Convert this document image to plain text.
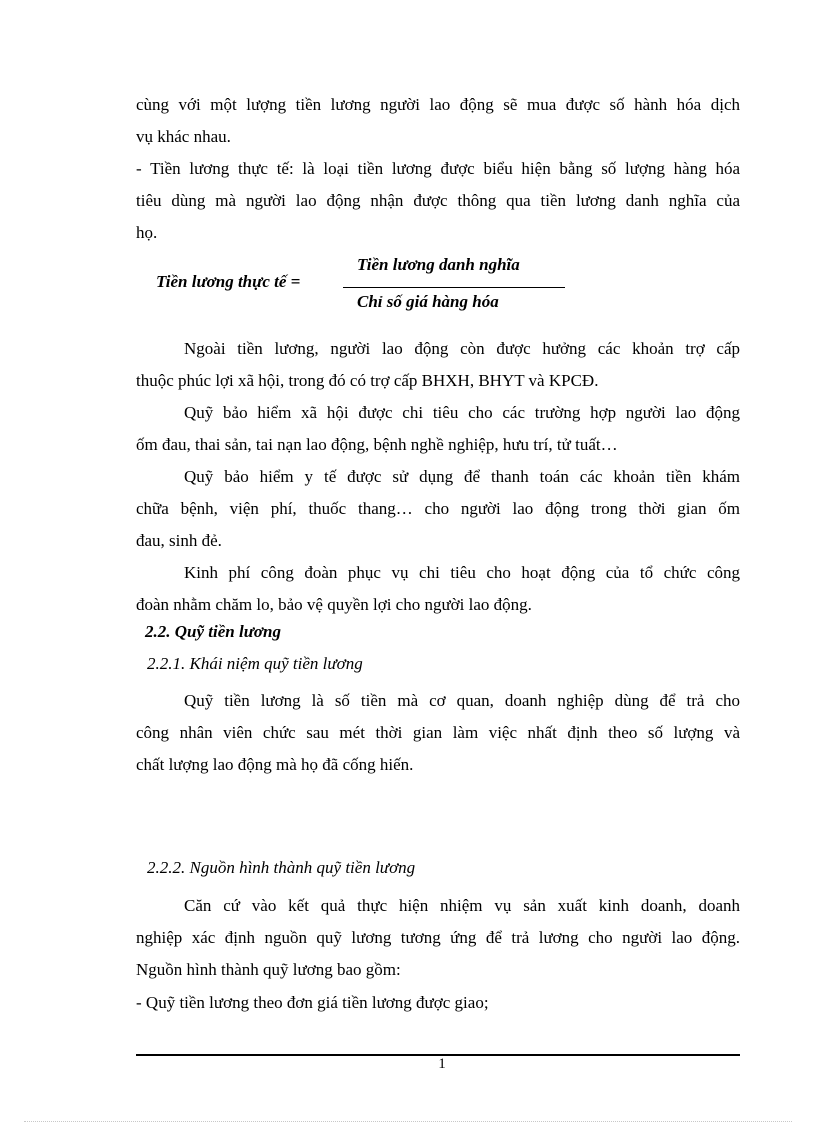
cùng với một lượng tiền lương người lao động sẽ mua được số hành hóa dịch
vụ khác nhau.
- Tiền lương thực tế: là loại tiền lương được biểu hiện bằng số lượng hàng hóa
tiêu dùng mà người lao động nhận được thông qua tiền lương danh nghĩa của
họ.
Tiền lương thực tế =
Tiền lương danh nghĩa
Chỉ số giá hàng hóa
Ngoài tiền lương, người lao động còn được hưởng các khoản trợ cấp
thuộc phúc lợi xã hội, trong đó có trợ cấp BHXH, BHYT và KPCĐ.
Quỹ bảo hiểm xã hội được chi tiêu cho các trường hợp người lao động
ốm đau, thai sản, tai nạn lao động, bệnh nghề nghiệp, hưu trí, tử tuất…
Quỹ bảo hiểm y tế được sử dụng để thanh toán các khoản tiền khám
chữa bệnh, viện phí, thuốc thang… cho người lao động trong thời gian ốm
đau, sinh đẻ.
Kinh phí công đoàn phục vụ chi tiêu cho hoạt động của tổ chức công
đoàn nhằm chăm lo, bảo vệ quyền lợi cho người lao động.
2.2. Quỹ tiền lương
2.2.1. Khái niệm quỹ tiền lương
Quỹ tiền lương là số tiền mà cơ quan, doanh nghiệp dùng để trả cho
công nhân viên chức sau mét thời gian làm việc nhất định theo số lượng và
chất lượng lao động mà họ đã cống hiến.
2.2.2. Nguồn hình thành quỹ tiền lương
Căn cứ vào kết quả thực hiện nhiệm vụ sản xuất kinh doanh, doanh
nghiệp xác định nguồn quỹ lương tương ứng để trả lương cho người lao động.
Nguồn hình thành quỹ lương bao gồm:
- Quỹ tiền lương theo đơn giá tiền lương được giao;
1
